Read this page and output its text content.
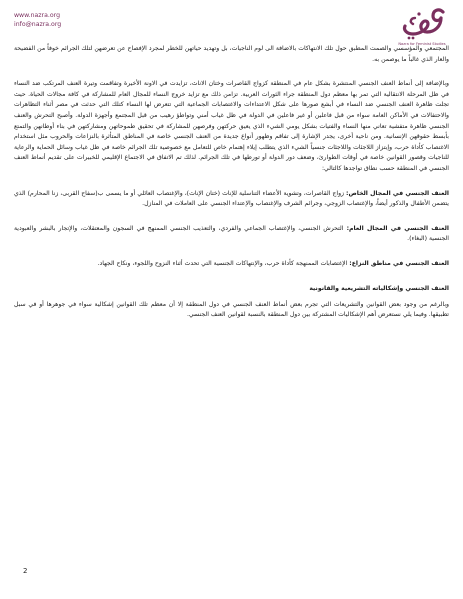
www.nazra.org
info@nazra.org
Nazra for Feminist Studies

المجتمعي والمؤسسي والصمت المطبق حول تلك الانتهاكات بالاضافة الى لوم الناجيات، بل وتهديد حياتهن للخطر لمجرد الإفصاح عن تعرضهن لتلك الجرائم خوفاً من الفضيحة والعار الذي غالباً ما يوصمن به.

وبالإضافة إلى أنماط العنف الجنسي المنتشرة بشكل عام في المنطقة كزواج القاصرات وختان الاناث، تزايدت في الاونة الأخيرة وتفاقمت وتيرة العنف المرتكب ضد النساء في ظل المرحلة الانتقالية التي تمر بها معظم دول المنطقة جراء الثورات العربية. تزامن ذلك مع تزايد خروج النساء للمجال العام للمشاركة في كافة مجالات الحياة. حيث تجلت ظاهرة العنف الجنسي ضد النساء في أبشع صورها على شكل الاعتداءات والاغتصابات الجماعية التي تتعرض لها النساء كتلك التي حدثت في مصر أثناء التظاهرات والاحتفالات في الأماكن العامة سواء من قبل فاعلين أو غير فاعلين في الدولة في ظل غياب أمني وتواطؤ رهيب من قبل المجتمع وأجهزة الدولة. وأصبح التحرش والعنف الجنسي ظاهرة متفشية تعاني منها النساء والفتيات بشكل يومي الشيء الذي يعيق حركتهن وفرصهن للمشاركة في تحقيق طموحاتهن ومشاركتهن في بناء أوطانهن والتمتع بأبسط حقوقهن الإنسانية. ومن ناحية أخرى، يجدر الإشارة إلى تفاقم وظهور أنواع جديدة من العنف الجنسي خاصة في المناطق المتأثرة بالنزاعات والحروب مثل استخدام الاغتصاب كأداة حرب، وإبتزاز اللاجئات واللاجئات جنسياً الشيء الذي يتطلب إيلاء إهتمام خاص للتعامل مع خصوصية تلك الجرائم خاصة في ظل غياب وسائل الحماية والرعاية للناجيات وقصور القوانين خاصة في أوقات الطوارئ، وضعف دور الدولة أو تورطها في تلك الجرائم. لذلك تم الاتفاق في الاجتماع الإقليمي للخبيرات على تقديم أنماط العنف الجنسي في المنطقة حسب نطاق تواجدها كالتالي:

العنف الجنسي في المجال الخاص: زواج القاصرات، وتشوية الأعضاء التناسلية للإناث (ختان الإناث)، والإغتصاب العائلي أو ما يسمى ب(سفاح القربى، زنا المحارم) الذي يتضمن الأطفال والذكور أيضاً، والإغتصاب الزوجي، وجرائم الشرف والإغتصاب والإعتداء الجنسي على العاملات في المنازل.

العنف الجنسي في المجال العام: التحرش الجنسي، والإغتصاب الجماعي والفردي، والتعذيب الجنسي الممنهج في السجون والمعتقلات، والإتجار بالبشر والعبودية الجنسية (البغاء).

العنف الجنسي في مناطق النزاع: الإغتصابات الممنهجة كأداة حرب، والإنتهاكات الجنسية التي تحدث أثناء النزوح واللجوء، ونكاح الجهاد.

العنف الجنسي وإشكالياته التشريعية والقانونية

وبالرغم من وجود بعض القوانين والتشريعات التي تجرم بعض أنماط العنف الجنسي في دول المنطقة إلا أن معظم تلك القوانين إشكالية سواء في جوهرها أو في سبل تطبيقها. وفيما يلي نستعرض أهم الإشكاليات المشتركة بين دول المنطقة بالنسبة لقوانين العنف الجنسي.

2
